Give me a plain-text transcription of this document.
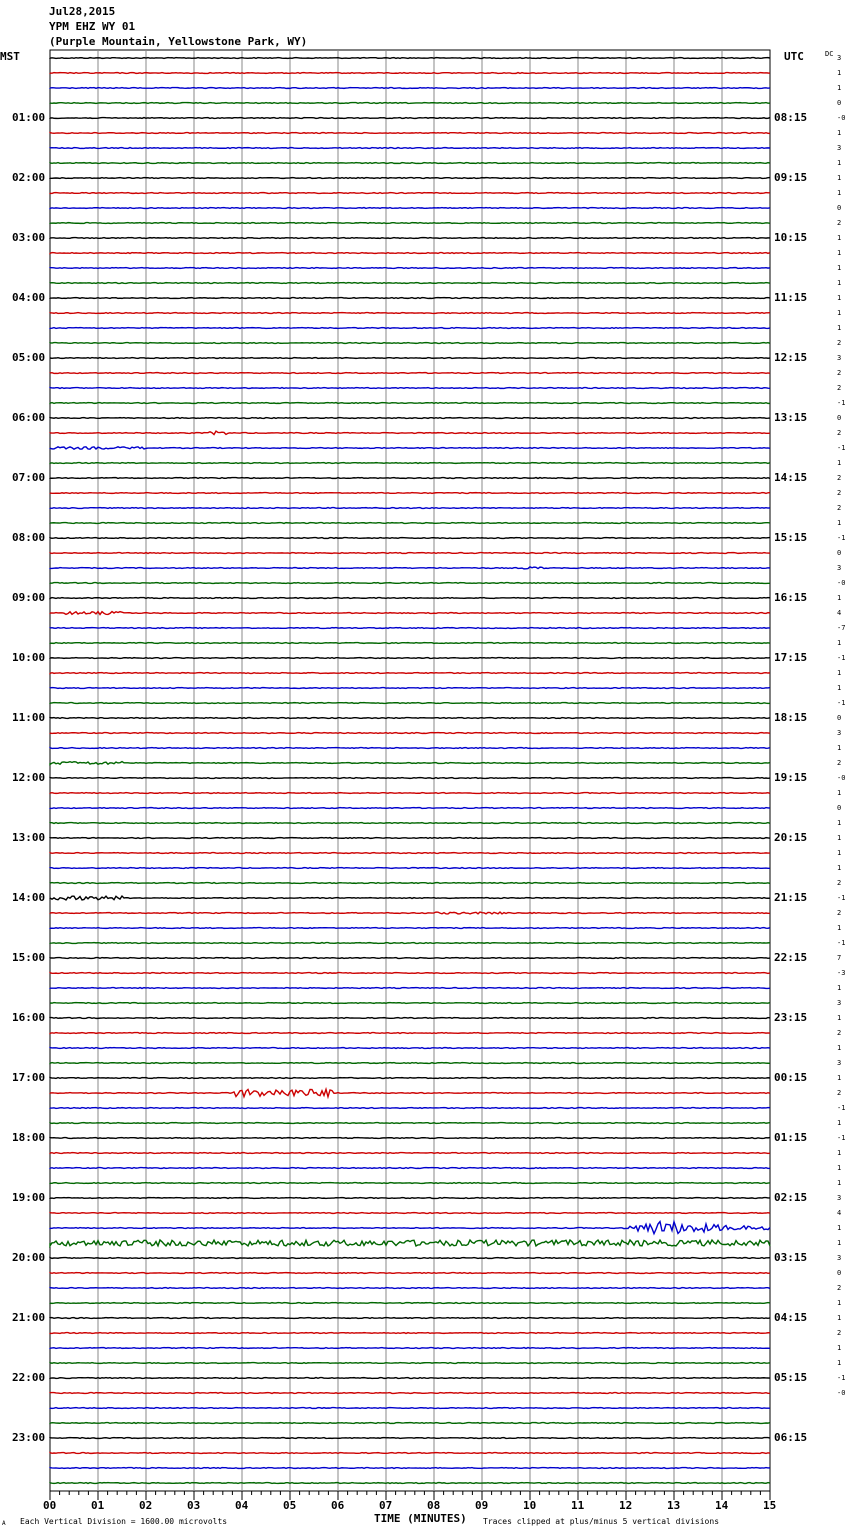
Jul28,2015
YPM EHZ WY 01
(Purple Mountain, Yellowstone Park, WY)
MST	UTC	DC
00	01	02	03	04	05	06	07	08	09	10	11	12	13	14	15
01:00	08:15
02:00	09:15
03:00	10:15
04:00	11:15
05:00	12:15
06:00	13:15
07:00	14:15
08:00	15:15
09:00	16:15
10:00	17:15
11:00	18:15
12:00	19:15
13:00	20:15
14:00	21:15
15:00	22:15
16:00	23:15
17:00	00:15
18:00	01:15
19:00	02:15
20:00	03:15
21:00	04:15
22:00	05:15
23:00	06:15
3
1
1
0
-0
1
3
1
1
1
0
2
1
1
1
1
1
1
1
2
3
2
2
-1
0
2
-1
1
2
2
2
1
-1
0
3
-0
1
4
-7
1
-1
1
1
-1
0
3
1
2
-0
1
0
1
1
1
1
2
-1
2
1
-1
7
-3
1
3
1
2
1
3
1
2
-1
1
-1
1
1
1
3
4
1
1
3
0
2
1
1
2
1
1
-1
-0
Each Vertical Division = 1600.00 microvolts	TIME (MINUTES) Traces clipped at plus/minus 5 vertical divisions
A
